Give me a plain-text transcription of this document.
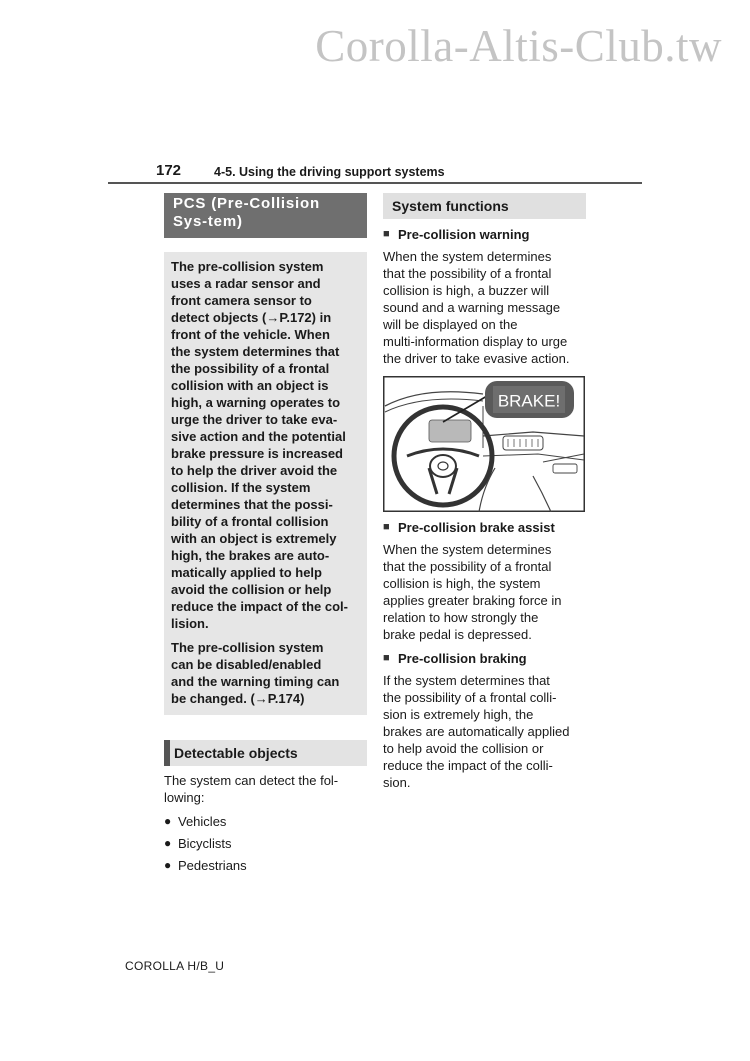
Corolla-Altis-Club.tw
172	4-5. Using the driving support systems
PCS (Pre-Collision Sys-tem)

The pre-collision system
uses a radar sensor and
front camera sensor to
detect objects (→P.172) in
front of the vehicle. When
the system determines that
the possibility of a frontal
collision with an object is
high, a warning operates to
urge the driver to take eva-
sive action and the potential
brake pressure is increased
to help the driver avoid the
collision. If the system
determines that the possi-
bility of a frontal collision
with an object is extremely
high, the brakes are auto-
matically applied to help
avoid the collision or help
reduce the impact of the col-
lision.

The pre-collision system
can be disabled/enabled
and the warning timing can
be changed. (→P.174)

Detectable objects

The system can detect the fol-
lowing:

● Vehicles
● Bicyclists
● Pedestrians
System functions
■ Pre-collision warning

When the system determines
that the possibility of a frontal
collision is high, a buzzer will
sound and a warning message
will be displayed on the
multi-information display to urge
the driver to take evasive action.

BRAKE!
■ Pre-collision brake assist

When the system determines
that the possibility of a frontal
collision is high, the system
applies greater braking force in
relation to how strongly the
brake pedal is depressed.

■ Pre-collision braking

If the system determines that
the possibility of a frontal colli-
sion is extremely high, the
brakes are automatically applied
to help avoid the collision or
reduce the impact of the colli-
sion.

COROLLA H/B_U
